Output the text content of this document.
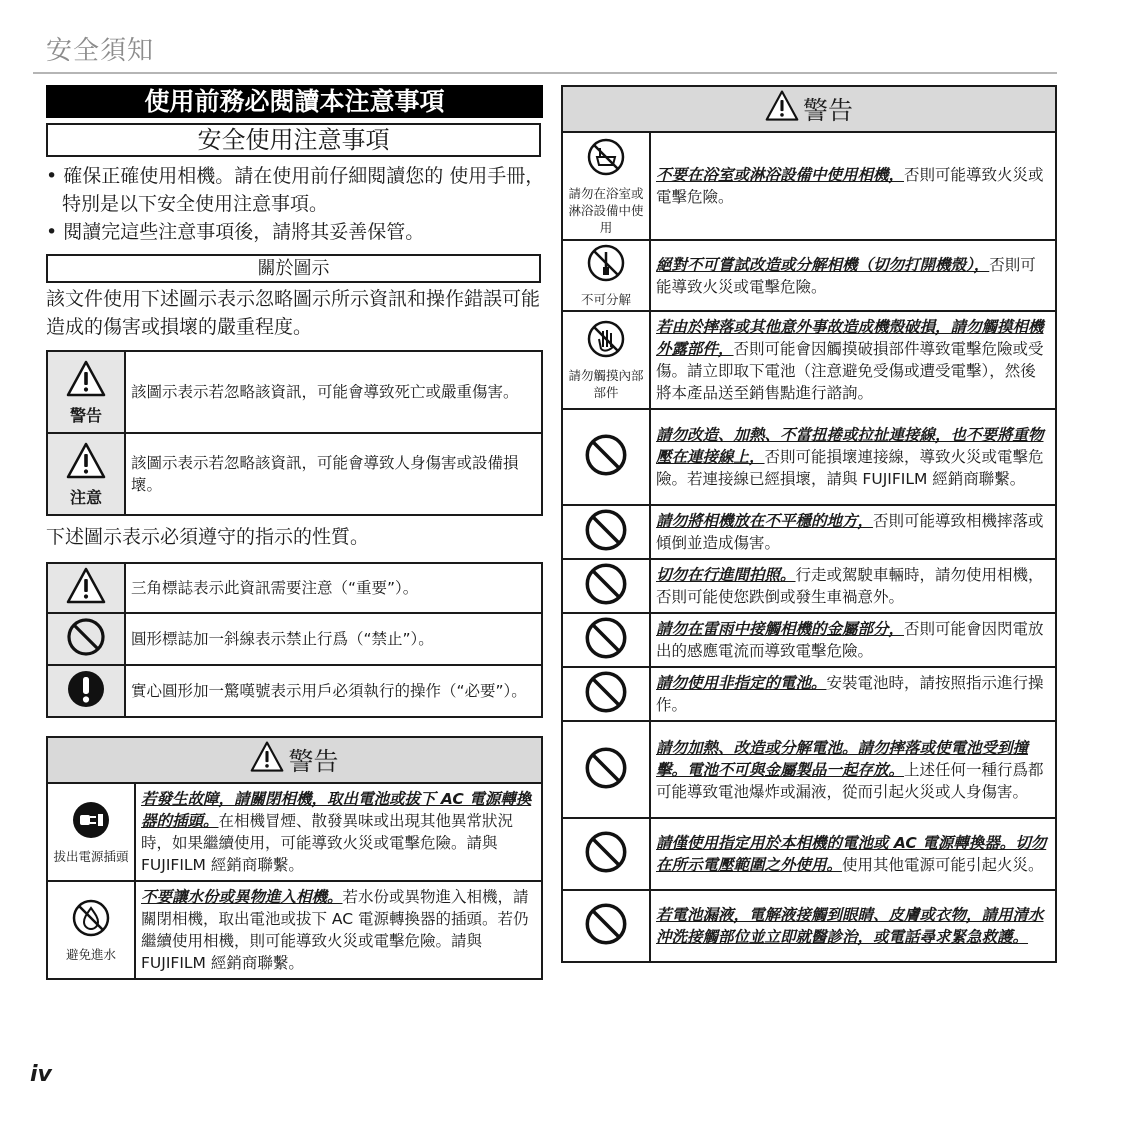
安全須知
使用前務必閱讀本注意事項
安全使用注意事項

• 確保正確使用相機。請在使用前仔細閱讀您的 使用手冊，特別是以下安全使用注意事項。

• 閱讀完這些注意事項後，請將其妥善保管。

關於圖示
該文件使用下述圖示表示忽略圖示所示資訊和操作錯誤可能造成的傷害或損壞的嚴重程度。
警告	該圖示表示若忽略該資訊，可能會導致死亡或嚴重傷害。

注意	該圖示表示若忽略該資訊，可能會導致人身傷害或設備損壞。
下述圖示表示必須遵守的指示的性質。
	三角標誌表示此資訊需要注意（“重要”）。
	圓形標誌加一斜線表示禁止行爲（“禁止”）。
	實心圓形加一驚嘆號表示用戶必須執行的操作（“必要”）。
警告	

拔出電源插頭	若發生故障，請關閉相機，取出電池或拔下 AC 電源轉換器的插頭。在相機冒煙、散發異味或出現其他異常狀況時，如果繼續使用，可能導致火災或電擊危險。請與 FUJIFILM 經銷商聯繫。

避免進水	不要讓水份或異物進入相機。若水份或異物進入相機，請關閉相機，取出電池或拔下 AC 電源轉換器的插頭。若仍繼續使用相機，則可能導致火災或電擊危險。請與 FUJIFILM 經銷商聯繫。
警告	

請勿在浴室或淋浴設備中使用	不要在浴室或淋浴設備中使用相機，否則可能導致火災或電擊危險。

不可分解	絕對不可嘗試改造或分解相機（切勿打開機殼），否則可能導致火災或電擊危險。

請勿觸摸內部部件	若由於摔落或其他意外事故造成機殼破損，請勿觸摸相機外露部件，否則可能會因觸摸破損部件導致電擊危險或受傷。請立即取下電池（注意避免受傷或遭受電擊），然後將本產品送至銷售點進行諮詢。
	請勿改造、加熱、不當扭捲或拉扯連接線，也不要將重物壓在連接線上，否則可能損壞連接線，導致火災或電擊危險。若連接線已經損壞，請與 FUJIFILM 經銷商聯繫。
	請勿將相機放在不平穩的地方，否則可能導致相機摔落或傾倒並造成傷害。
	切勿在行進間拍照。行走或駕駛車輛時，請勿使用相機，否則可能使您跌倒或發生車禍意外。
	請勿在雷雨中接觸相機的金屬部分，否則可能會因閃電放出的感應電流而導致電擊危險。
	請勿使用非指定的電池。安裝電池時，請按照指示進行操作。
	請勿加熱、改造或分解電池。請勿摔落或使電池受到撞擊。電池不可與金屬製品一起存放。上述任何一種行爲都可能導致電池爆炸或漏液，從而引起火災或人身傷害。
	請僅使用指定用於本相機的電池或 AC 電源轉換器。切勿在所示電壓範圍之外使用。使用其他電源可能引起火災。
	若電池漏液，電解液接觸到眼睛、皮膚或衣物，請用清水沖洗接觸部位並立即就醫診治，或電話尋求緊急救護。
iv
